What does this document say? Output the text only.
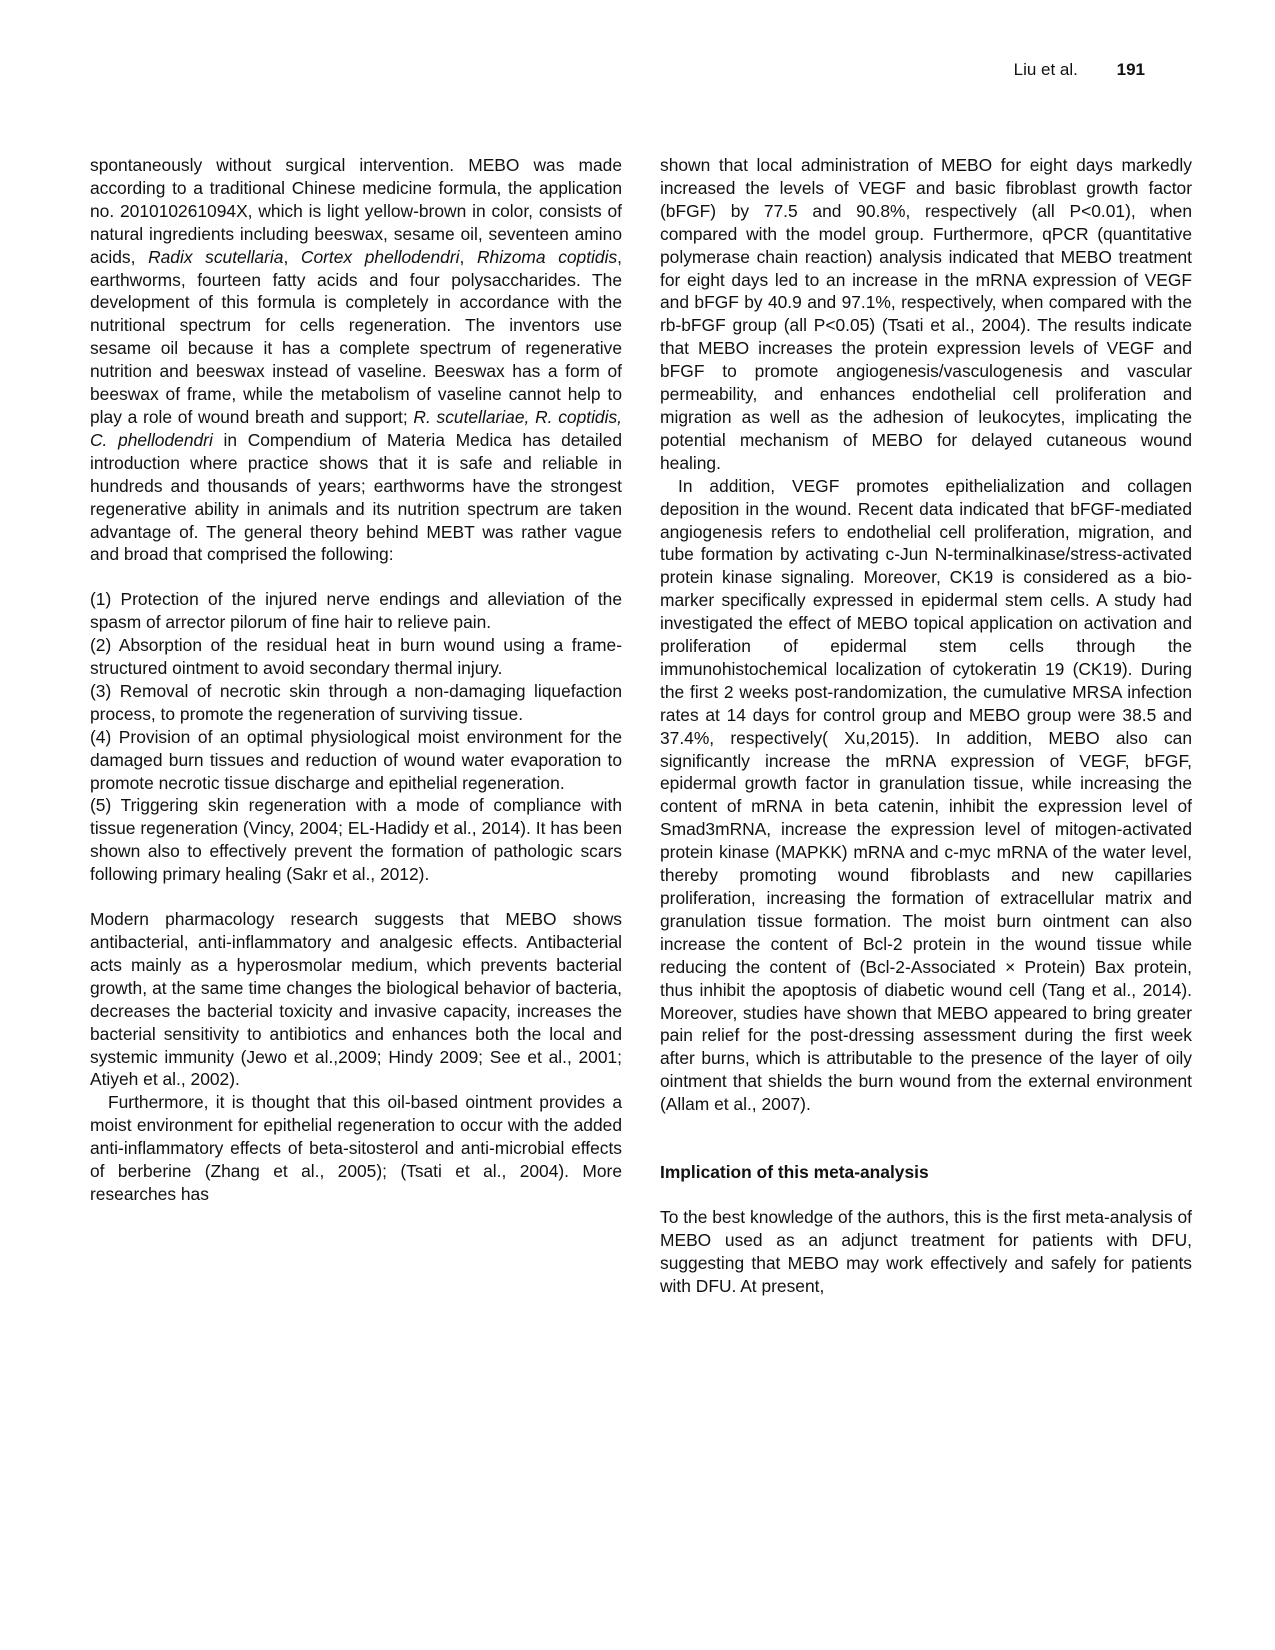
Liu et al. 191

spontaneously without surgical intervention. MEBO was made according to a traditional Chinese medicine formula, the application no. 201010261094X, which is light yellow-brown in color, consists of natural ingredients including beeswax, sesame oil, seventeen amino acids, Radix scutellaria, Cortex phellodendri, Rhizoma coptidis, earthworms, fourteen fatty acids and four polysaccharides. The development of this formula is completely in accordance with the nutritional spectrum for cells regeneration. The inventors use sesame oil because it has a complete spectrum of regenerative nutrition and beeswax instead of vaseline. Beeswax has a form of beeswax of frame, while the metabolism of vaseline cannot help to play a role of wound breath and support; R. scutellariae, R. coptidis, C. phellodendri in Compendium of Materia Medica has detailed introduction where practice shows that it is safe and reliable in hundreds and thousands of years; earthworms have the strongest regenerative ability in animals and its nutrition spectrum are taken advantage of. The general theory behind MEBT was rather vague and broad that comprised the following:

(1) Protection of the injured nerve endings and alleviation of the spasm of arrector pilorum of fine hair to relieve pain.

(2) Absorption of the residual heat in burn wound using a frame-structured ointment to avoid secondary thermal injury.

(3) Removal of necrotic skin through a non-damaging liquefaction process, to promote the regeneration of surviving tissue.

(4) Provision of an optimal physiological moist environment for the damaged burn tissues and reduction of wound water evaporation to promote necrotic tissue discharge and epithelial regeneration.

(5) Triggering skin regeneration with a mode of compliance with tissue regeneration (Vincy, 2004; EL-Hadidy et al., 2014). It has been shown also to effectively prevent the formation of pathologic scars following primary healing (Sakr et al., 2012).

Modern pharmacology research suggests that MEBO shows antibacterial, anti-inflammatory and analgesic effects. Antibacterial acts mainly as a hyperosmolar medium, which prevents bacterial growth, at the same time changes the biological behavior of bacteria, decreases the bacterial toxicity and invasive capacity, increases the bacterial sensitivity to antibiotics and enhances both the local and systemic immunity (Jewo et al.,2009; Hindy 2009; See et al., 2001; Atiyeh et al., 2002).

Furthermore, it is thought that this oil-based ointment provides a moist environment for epithelial regeneration to occur with the added anti-inflammatory effects of beta-sitosterol and anti-microbial effects of berberine (Zhang et al., 2005); (Tsati et al., 2004). More researches has

shown that local administration of MEBO for eight days markedly increased the levels of VEGF and basic fibroblast growth factor (bFGF) by 77.5 and 90.8%, respectively (all P<0.01), when compared with the model group. Furthermore, qPCR (quantitative polymerase chain reaction) analysis indicated that MEBO treatment for eight days led to an increase in the mRNA expression of VEGF and bFGF by 40.9 and 97.1%, respectively, when compared with the rb-bFGF group (all P<0.05) (Tsati et al., 2004). The results indicate that MEBO increases the protein expression levels of VEGF and bFGF to promote angiogenesis/vasculogenesis and vascular permeability, and enhances endothelial cell proliferation and migration as well as the adhesion of leukocytes, implicating the potential mechanism of MEBO for delayed cutaneous wound healing.

In addition, VEGF promotes epithelialization and collagen deposition in the wound. Recent data indicated that bFGF-mediated angiogenesis refers to endothelial cell proliferation, migration, and tube formation by activating c-Jun N-terminalkinase/stress-activated protein kinase signaling. Moreover, CK19 is considered as a bio-marker specifically expressed in epidermal stem cells. A study had investigated the effect of MEBO topical application on activation and proliferation of epidermal stem cells through the immunohistochemical localization of cytokeratin 19 (CK19). During the first 2 weeks post-randomization, the cumulative MRSA infection rates at 14 days for control group and MEBO group were 38.5 and 37.4%, respectively( Xu,2015). In addition, MEBO also can significantly increase the mRNA expression of VEGF, bFGF, epidermal growth factor in granulation tissue, while increasing the content of mRNA in beta catenin, inhibit the expression level of Smad3mRNA, increase the expression level of mitogen-activated protein kinase (MAPKK) mRNA and c-myc mRNA of the water level, thereby promoting wound fibroblasts and new capillaries proliferation, increasing the formation of extracellular matrix and granulation tissue formation. The moist burn ointment can also increase the content of Bcl-2 protein in the wound tissue while reducing the content of (Bcl-2-Associated × Protein) Bax protein, thus inhibit the apoptosis of diabetic wound cell (Tang et al., 2014). Moreover, studies have shown that MEBO appeared to bring greater pain relief for the post-dressing assessment during the first week after burns, which is attributable to the presence of the layer of oily ointment that shields the burn wound from the external environment (Allam et al., 2007).

Implication of this meta-analysis

To the best knowledge of the authors, this is the first meta-analysis of MEBO used as an adjunct treatment for patients with DFU, suggesting that MEBO may work effectively and safely for patients with DFU. At present,
